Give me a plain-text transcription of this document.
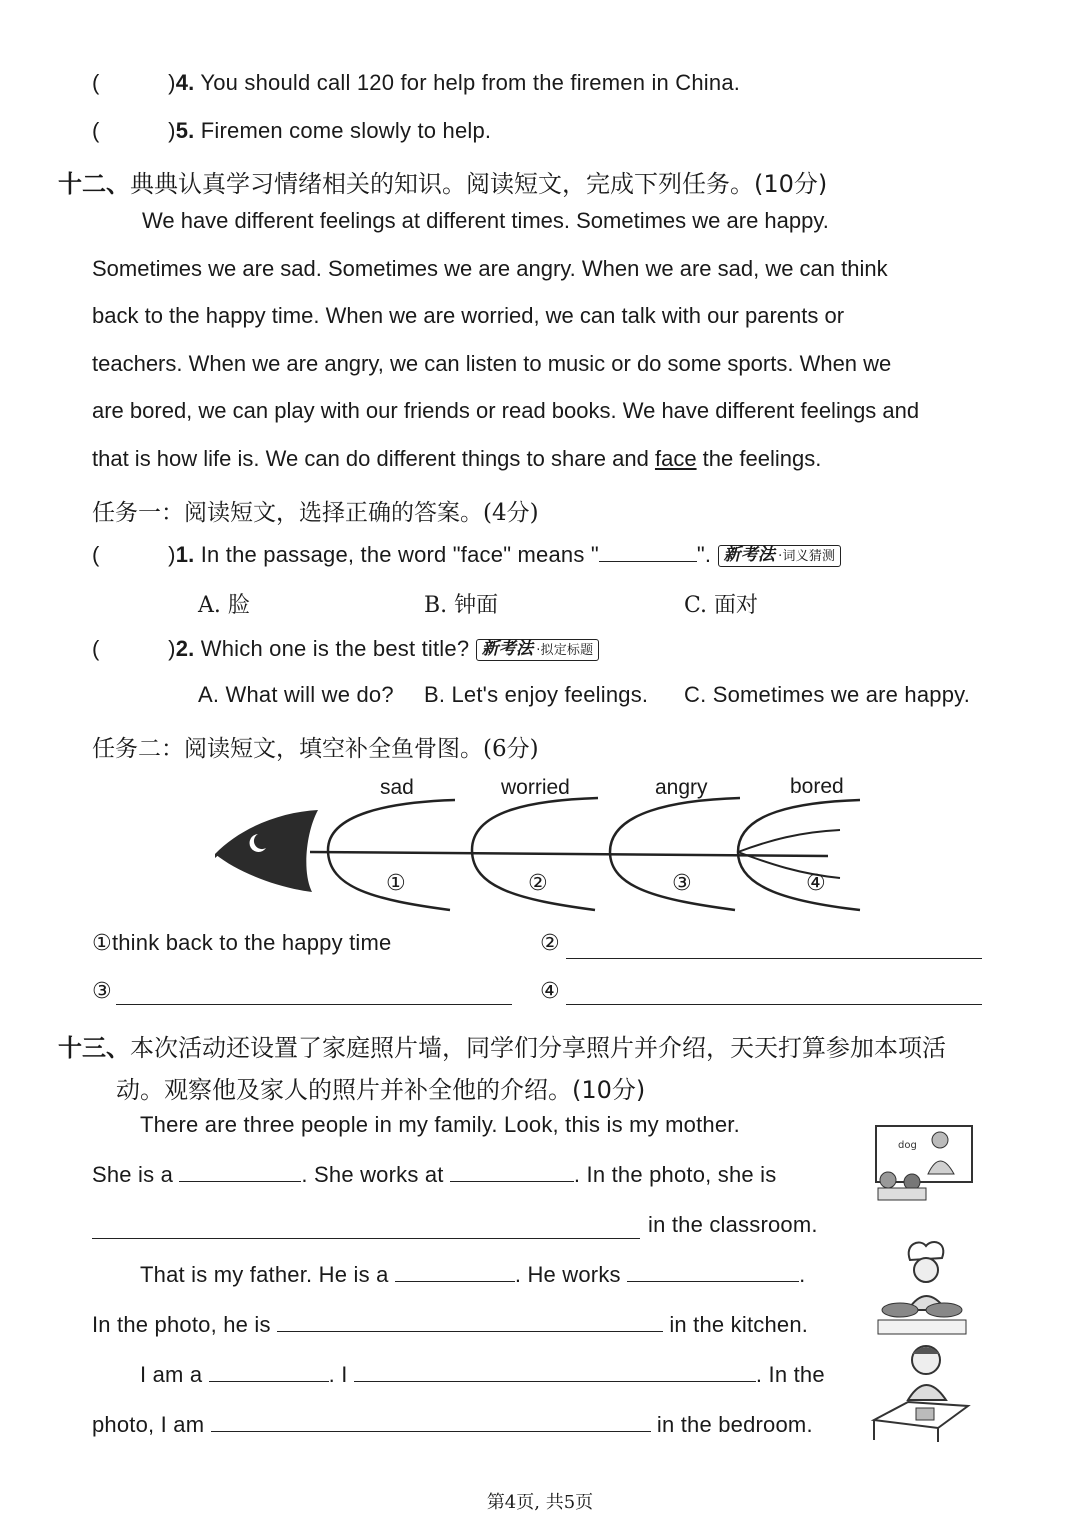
(	)4. You should call 120 for help from the firemen in China.
(	)5. Firemen come slowly to help.
十二、典典认真学习情绪相关的知识。阅读短文，完成下列任务。(10分)

We have different feelings at different times. Sometimes we are happy.

Sometimes we are sad. Sometimes we are angry. When we are sad, we can think

back to the happy time. When we are worried, we can talk with our parents or

teachers. When we are angry, we can listen to music or do some sports. When we

are bored, we can play with our friends or read books. We have different feelings and

that is how life is. We can do different things to share and face the feelings.

任务一：阅读短文，选择正确的答案。(4分)
(	)1. In the passage, the word "face" means "	". 新考法 ·词义猜测
A. 脸	B. 钟面	C. 面对
(	)2. Which one is the best title? 新考法 ·拟定标题
A. What will we do? B. Let's enjoy feelings. C. Sometimes we are happy.
任务二：阅读短文，填空补全鱼骨图。(6分)
sad	worried	angry	bored
①	②	③	④
①think back to the happy time	②
③	④
十三、本次活动还设置了家庭照片墙，同学们分享照片并介绍，天天打算参加本项活
动。观察他及家人的照片并补全他的介绍。(10分)
There are three people in my family. Look, this is my mother.
She is a	. She works at	. In the photo, she is
in the classroom.
That is my father. He is a	. He works	.
In the photo, he is	in the kitchen.
I am a	. I	. In the
photo, I am	in the bedroom.
dog
第4页, 共5页
